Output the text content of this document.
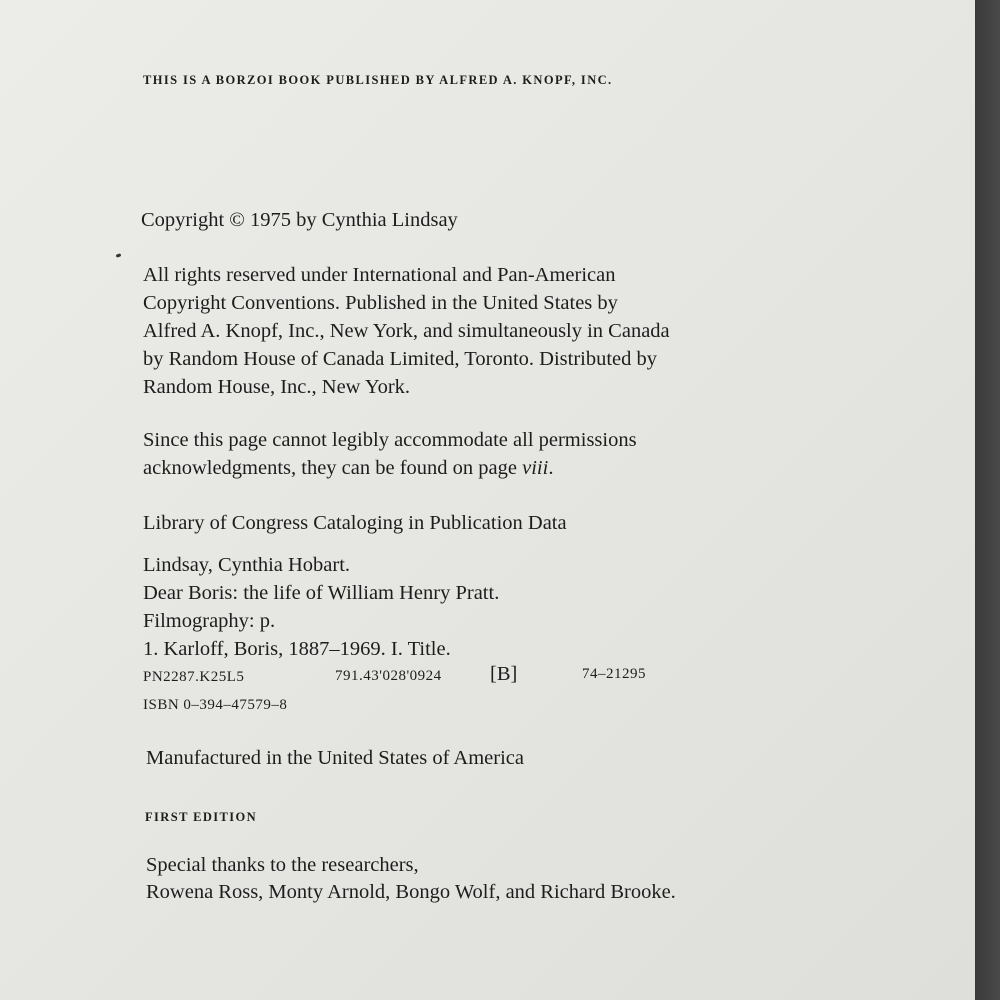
THIS IS A BORZOI BOOK PUBLISHED BY ALFRED A. KNOPF, INC.

Copyright © 1975 by Cynthia Lindsay

All rights reserved under International and Pan-American
Copyright Conventions. Published in the United States by
Alfred A. Knopf, Inc., New York, and simultaneously in Canada
by Random House of Canada Limited, Toronto. Distributed by
Random House, Inc., New York.
Since this page cannot legibly accommodate all permissions
acknowledgments, they can be found on page viii.

Library of Congress Cataloging in Publication Data

Lindsay, Cynthia Hobart.
Dear Boris: the life of William Henry Pratt.
Filmography: p.
1. Karloff, Boris, 1887–1969. I. Title.

PN2287.K25L5	791.43'028'0924 [B]	74–21295

ISBN 0–394–47579–8

Manufactured in the United States of America

FIRST EDITION

Special thanks to the researchers,

Rowena Ross, Monty Arnold, Bongo Wolf, and Richard Brooke.
